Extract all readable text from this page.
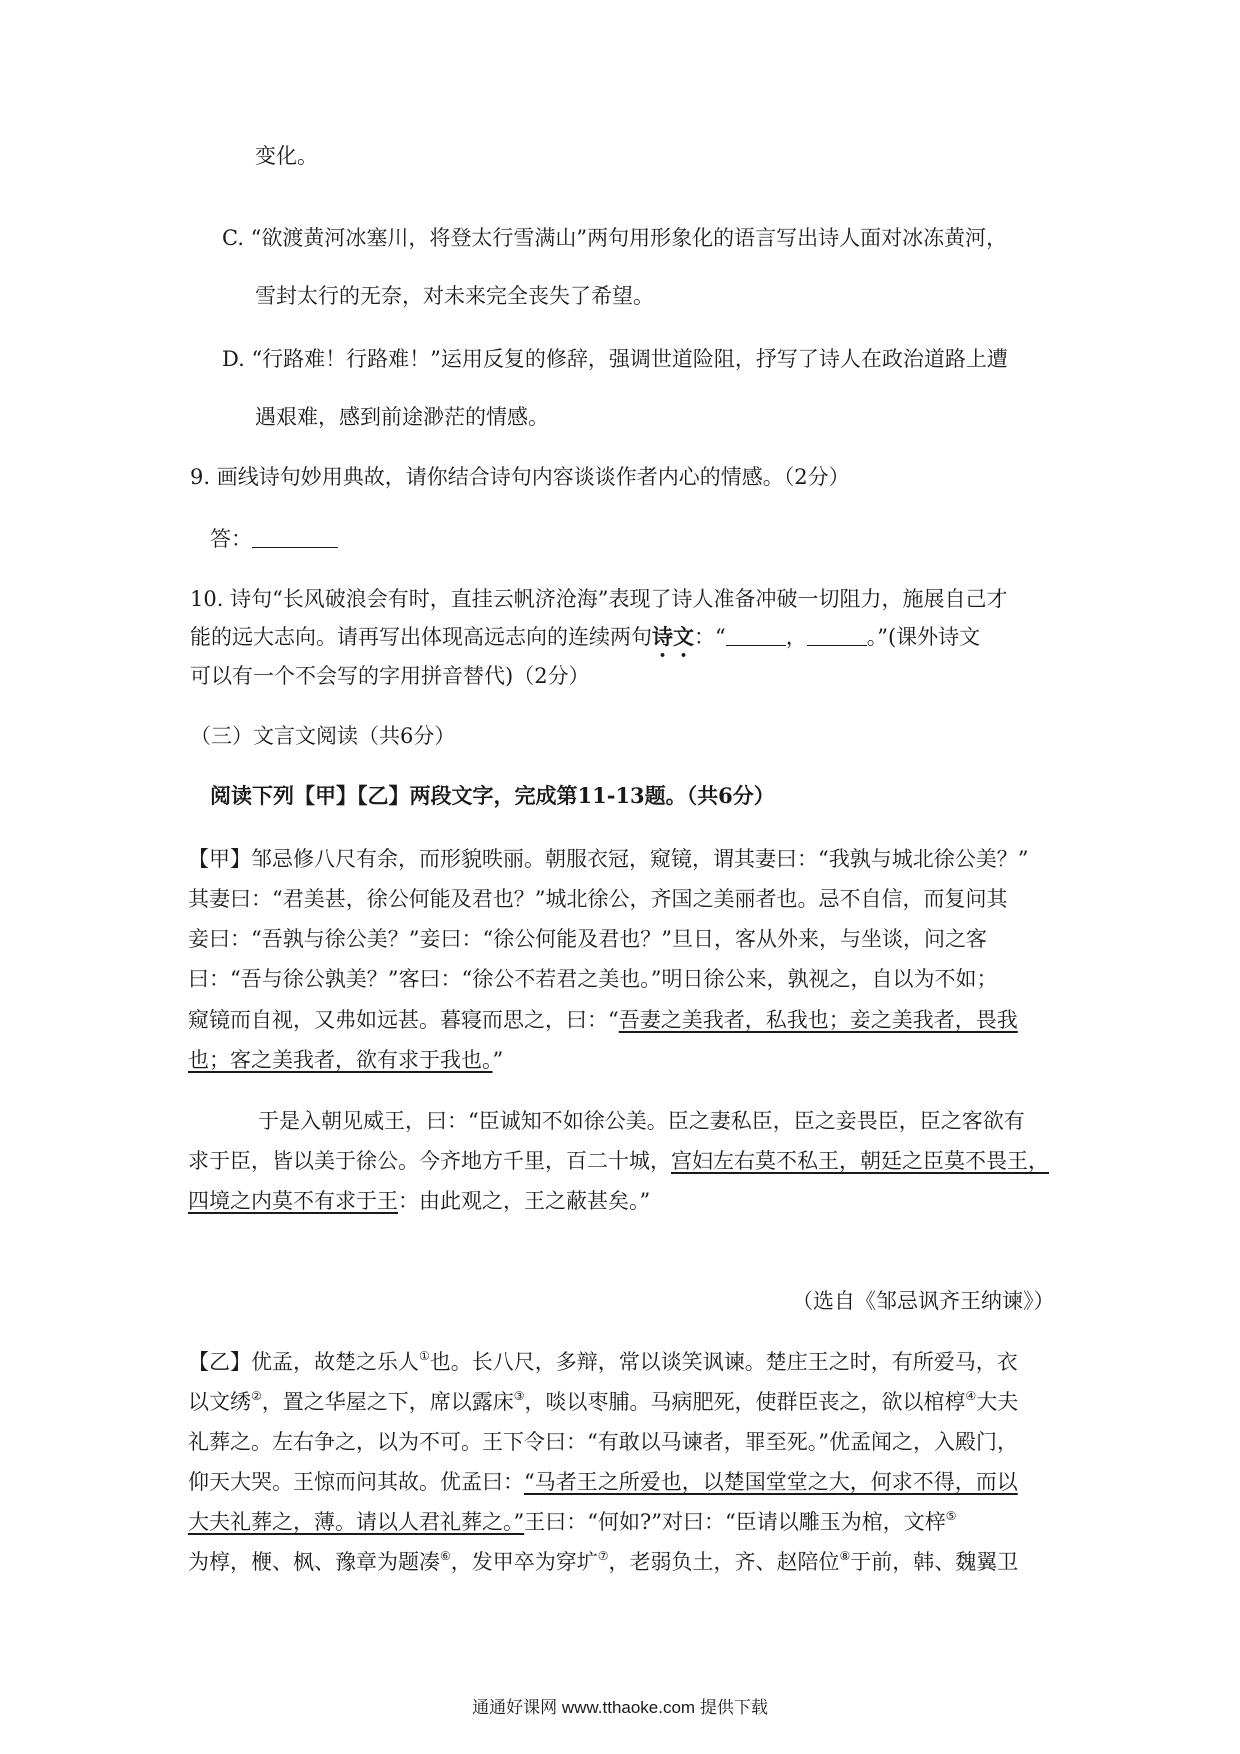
变化。
C. “欲渡黄河冰塞川，将登太行雪满山”两句用形象化的语言写出诗人面对冰冻黄河，
雪封太行的无奈，对未来完全丧失了希望。
D. “行路难！行路难！”运用反复的修辞，强调世道险阻，抒写了诗人在政治道路上遭
遇艰难，感到前途渺茫的情感。
9. 画线诗句妙用典故，请你结合诗句内容谈谈作者内心的情感。（2分）
答：
10. 诗句“长风破浪会有时，直挂云帆济沧海”表现了诗人准备冲破一切阻力，施展自己才
能的远大志向。请再写出体现高远志向的连续两句诗文：“	，	。”(课外诗文
可以有一个不会写的字用拼音替代)（2分）
（三）文言文阅读（共6分）
阅读下列【甲】【乙】两段文字，完成第11-13题。（共6分）
【甲】邹忌修八尺有余，而形貌昳丽。朝服衣冠，窥镜，谓其妻曰：“我孰与城北徐公美？”
其妻曰：“君美甚，徐公何能及君也？”城北徐公，齐国之美丽者也。忌不自信，而复问其
妾曰：“吾孰与徐公美？”妾曰：“徐公何能及君也？”旦日，客从外来，与坐谈，问之客
曰：“吾与徐公孰美？”客曰：“徐公不若君之美也。”明日徐公来，孰视之，自以为不如；
窥镜而自视，又弗如远甚。暮寝而思之，曰：“吾妻之美我者，私我也；妾之美我者，畏我
也；客之美我者，欲有求于我也。”
于是入朝见威王，曰：“臣诚知不如徐公美。臣之妻私臣，臣之妾畏臣，臣之客欲有
求于臣，皆以美于徐公。今齐地方千里，百二十城，宫妇左右莫不私王，朝廷之臣莫不畏王，
四境之内莫不有求于王：由此观之，王之蔽甚矣。”
（选自《邹忌讽齐王纳谏》）
【乙】优孟，故楚之乐人①也。长八尺，多辩，常以谈笑讽谏。楚庄王之时，有所爱马，衣
以文绣②，置之华屋之下，席以露床③，啖以枣脯。马病肥死，使群臣丧之，欲以棺椁④大夫
礼葬之。左右争之，以为不可。王下令曰：“有敢以马谏者，罪至死。”优孟闻之，入殿门，
仰天大哭。王惊而问其故。优孟曰：“马者王之所爱也，以楚国堂堂之大，何求不得，而以
大夫礼葬之，薄。请以人君礼葬之。”王曰：“何如?”对曰：“臣请以雕玉为棺，文梓⑤
为椁，楩、枫、豫章为题凑⑥，发甲卒为穿圹⑦，老弱负土，齐、赵陪位⑧于前，韩、魏翼卫
通通好课网 www.tthaoke.com 提供下载
